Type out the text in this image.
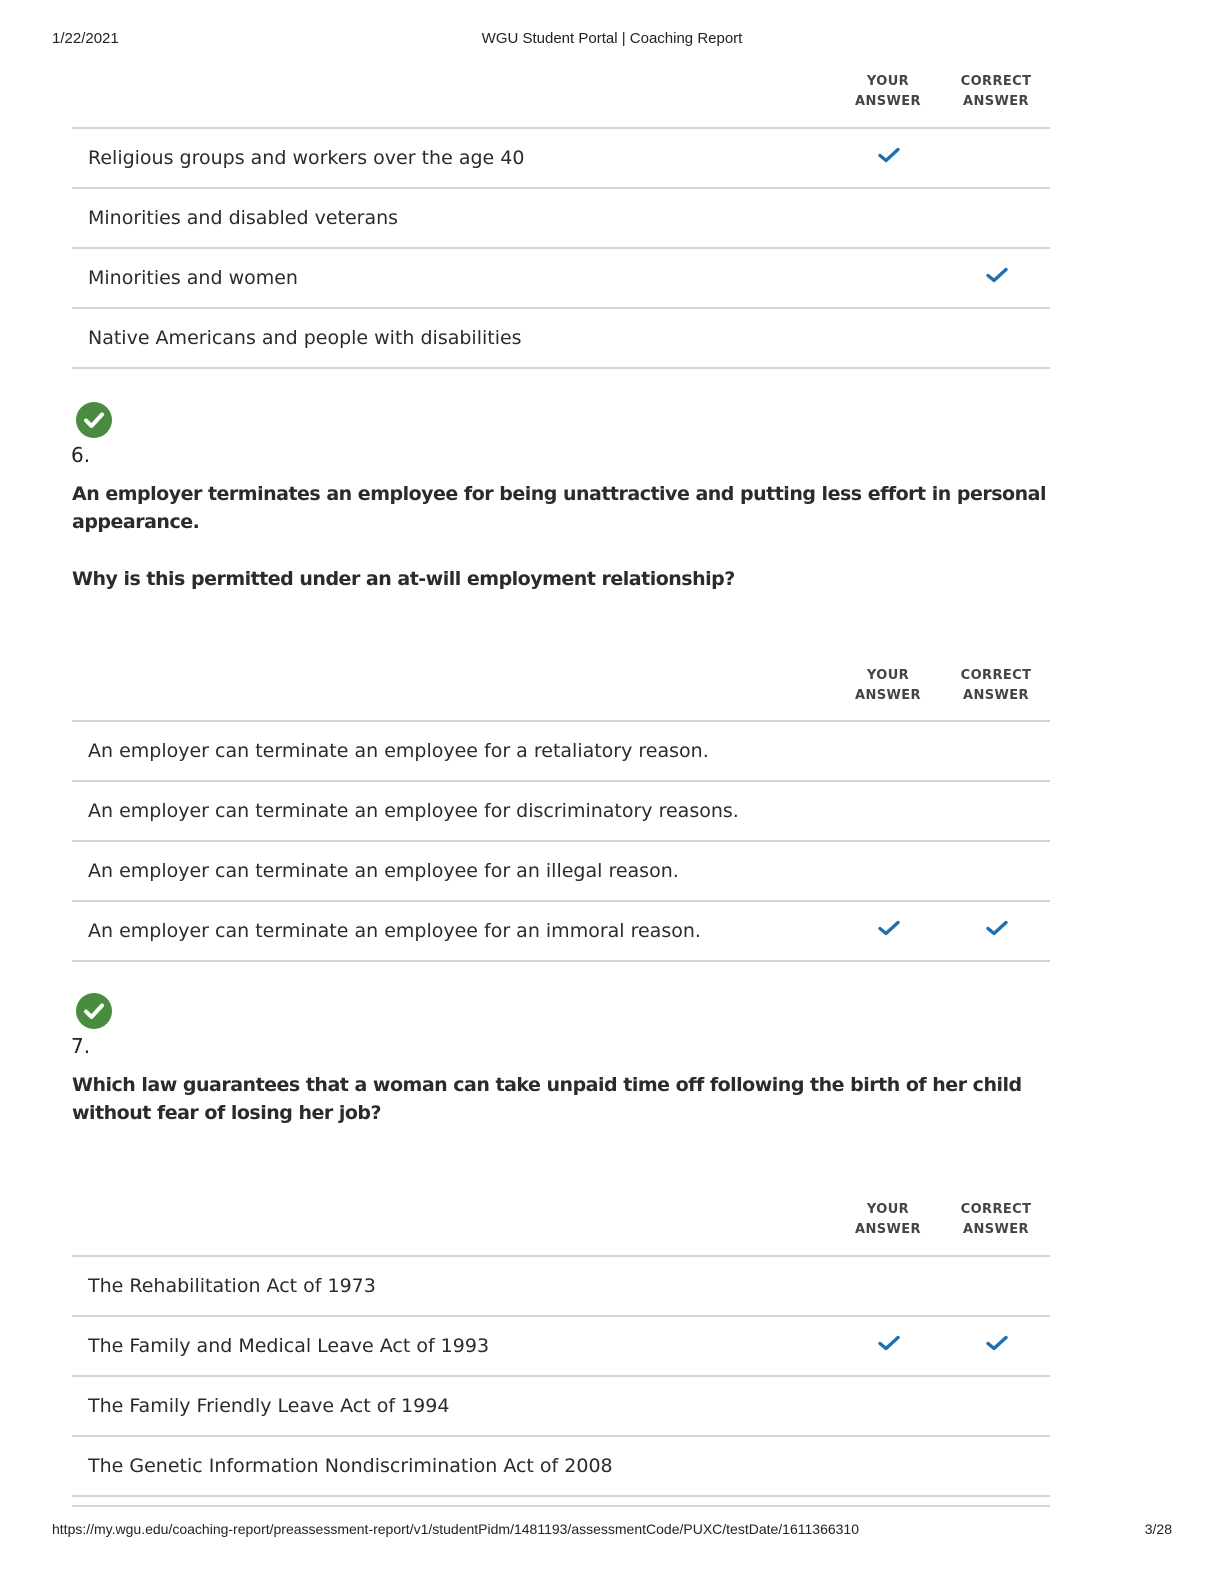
1/22/2021	WGU Student Portal | Coaching Report
YOUR
ANSWER
CORRECT
ANSWER
Religious groups and workers over the age 40
Minorities and disabled veterans
Minorities and women
Native Americans and people with disabilities
6.
An employer terminates an employee for being unattractive and putting less effort in personal appearance.
Why is this permitted under an at-will employment relationship?
YOUR
ANSWER
CORRECT
ANSWER
An employer can terminate an employee for a retaliatory reason.
An employer can terminate an employee for discriminatory reasons.
An employer can terminate an employee for an illegal reason.
An employer can terminate an employee for an immoral reason.
7.
Which law guarantees that a woman can take unpaid time off following the birth of her child without fear of losing her job?
YOUR
ANSWER
CORRECT
ANSWER
The Rehabilitation Act of 1973
The Family and Medical Leave Act of 1993
The Family Friendly Leave Act of 1994
The Genetic Information Nondiscrimination Act of 2008
https://my.wgu.edu/coaching-report/preassessment-report/v1/studentPidm/1481193/assessmentCode/PUXC/testDate/1611366310	3/28
